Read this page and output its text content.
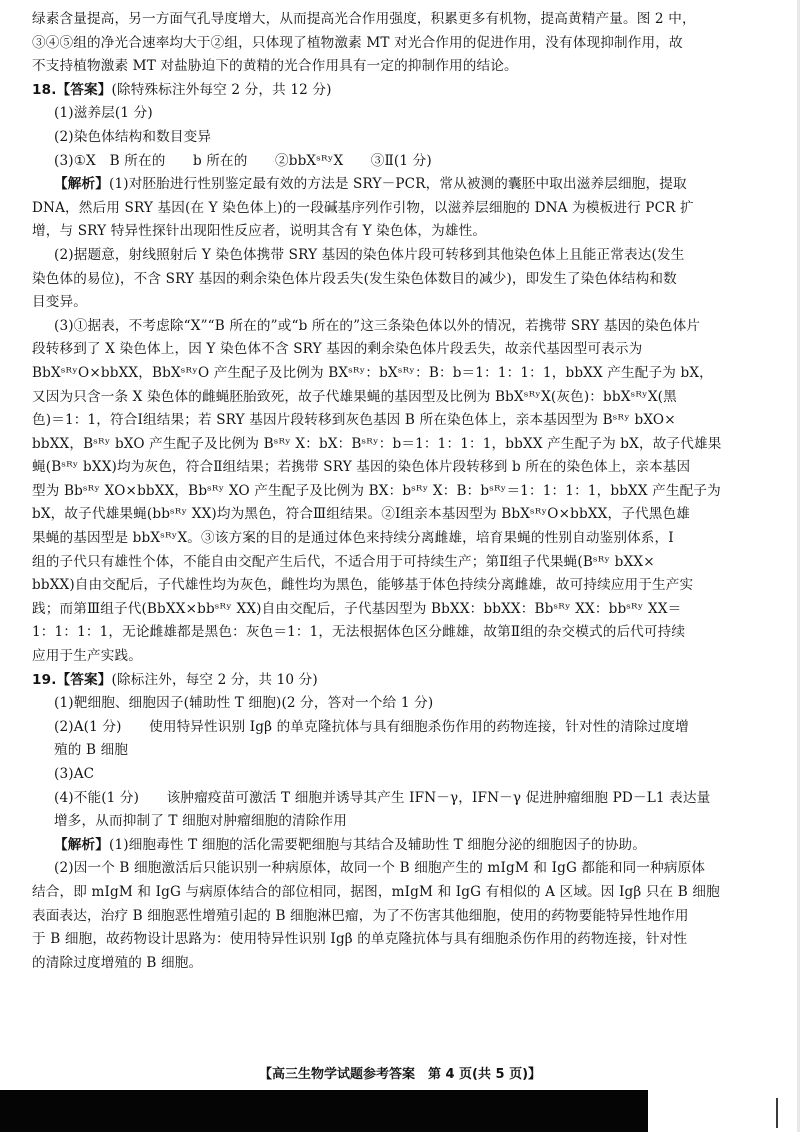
绿素含量提高，另一方面气孔导度增大，从而提高光合作用强度，积累更多有机物，提高黄精产量。图 2 中，

③④⑤组的净光合速率均大于②组，只体现了植物激素 MT 对光合作用的促进作用，没有体现抑制作用，故

不支持植物激素 MT 对盐胁迫下的黄精的光合作用具有一定的抑制作用的结论。

18.【答案】(除特殊标注外每空 2 分，共 12 分)

(1)滋养层(1 分)

(2)染色体结构和数目变异

(3)①X　B 所在的　　b 所在的　　②bbXˢᴿʸX　　③Ⅱ(1 分)

【解析】(1)对胚胎进行性别鉴定最有效的方法是 SRY－PCR，常从被测的囊胚中取出滋养层细胞，提取

DNA，然后用 SRY 基因(在 Y 染色体上)的一段碱基序列作引物，以滋养层细胞的 DNA 为模板进行 PCR 扩

增，与 SRY 特异性探针出现阳性反应者，说明其含有 Y 染色体，为雄性。

(2)据题意，射线照射后 Y 染色体携带 SRY 基因的染色体片段可转移到其他染色体上且能正常表达(发生

染色体的易位)，不含 SRY 基因的剩余染色体片段丢失(发生染色体数目的减少)，即发生了染色体结构和数

目变异。

(3)①据表，不考虑除“X”“B 所在的”或“b 所在的”这三条染色体以外的情况，若携带 SRY 基因的染色体片

段转移到了 X 染色体上，因 Y 染色体不含 SRY 基因的剩余染色体片段丢失，故亲代基因型可表示为

BbXˢᴿʸO×bbXX，BbXˢᴿʸO 产生配子及比例为 BXˢᴿʸ：bXˢᴿʸ：B：b＝1：1：1：1，bbXX 产生配子为 bX，

又因为只含一条 X 染色体的雌蝇胚胎致死，故子代雄果蝇的基因型及比例为 BbXˢᴿʸX(灰色)：bbXˢᴿʸX(黑

色)＝1：1，符合Ⅰ组结果；若 SRY 基因片段转移到灰色基因 B 所在染色体上，亲本基因型为 Bˢᴿʸ bXO×

bbXX，Bˢᴿʸ bXO 产生配子及比例为 Bˢᴿʸ X：bX：Bˢᴿʸ：b＝1：1：1：1，bbXX 产生配子为 bX，故子代雄果

蝇(Bˢᴿʸ bXX)均为灰色，符合Ⅱ组结果；若携带 SRY 基因的染色体片段转移到 b 所在的染色体上，亲本基因

型为 Bbˢᴿʸ XO×bbXX，Bbˢᴿʸ XO 产生配子及比例为 BX：bˢᴿʸ X：B：bˢᴿʸ＝1：1：1：1，bbXX 产生配子为

bX，故子代雄果蝇(bbˢᴿʸ XX)均为黑色，符合Ⅲ组结果。②Ⅰ组亲本基因型为 BbXˢᴿʸO×bbXX，子代黑色雄

果蝇的基因型是 bbXˢᴿʸX。③该方案的目的是通过体色来持续分离雌雄，培育果蝇的性别自动鉴别体系，Ⅰ

组的子代只有雄性个体，不能自由交配产生后代，不适合用于可持续生产；第Ⅱ组子代果蝇(Bˢᴿʸ bXX×

bbXX)自由交配后，子代雄性均为灰色，雌性均为黑色，能够基于体色持续分离雌雄，故可持续应用于生产实

践；而第Ⅲ组子代(BbXX×bbˢᴿʸ XX)自由交配后，子代基因型为 BbXX：bbXX：Bbˢᴿʸ XX：bbˢᴿʸ XX＝

1：1：1：1，无论雌雄都是黑色：灰色＝1：1，无法根据体色区分雌雄，故第Ⅱ组的杂交模式的后代可持续

应用于生产实践。

19.【答案】(除标注外，每空 2 分，共 10 分)

(1)靶细胞、细胞因子(辅助性 T 细胞)(2 分，答对一个给 1 分)

(2)A(1 分)　　使用特异性识别 Igβ 的单克隆抗体与具有细胞杀伤作用的药物连接，针对性的清除过度增

殖的 B 细胞

(3)AC

(4)不能(1 分)　　该肿瘤疫苗可激活 T 细胞并诱导其产生 IFN－γ，IFN－γ 促进肿瘤细胞 PD－L1 表达量

增多，从而抑制了 T 细胞对肿瘤细胞的清除作用

【解析】(1)细胞毒性 T 细胞的活化需要靶细胞与其结合及辅助性 T 细胞分泌的细胞因子的协助。

(2)因一个 B 细胞激活后只能识别一种病原体，故同一个 B 细胞产生的 mIgM 和 IgG 都能和同一种病原体

结合，即 mIgM 和 IgG 与病原体结合的部位相同，据图，mIgM 和 IgG 有相似的 A 区域。因 Igβ 只在 B 细胞

表面表达，治疗 B 细胞恶性增殖引起的 B 细胞淋巴瘤，为了不伤害其他细胞，使用的药物要能特异性地作用

于 B 细胞，故药物设计思路为：使用特异性识别 Igβ 的单克隆抗体与具有细胞杀伤作用的药物连接，针对性

的清除过度增殖的 B 细胞。

【高三生物学试题参考答案　第 4 页(共 5 页)】
